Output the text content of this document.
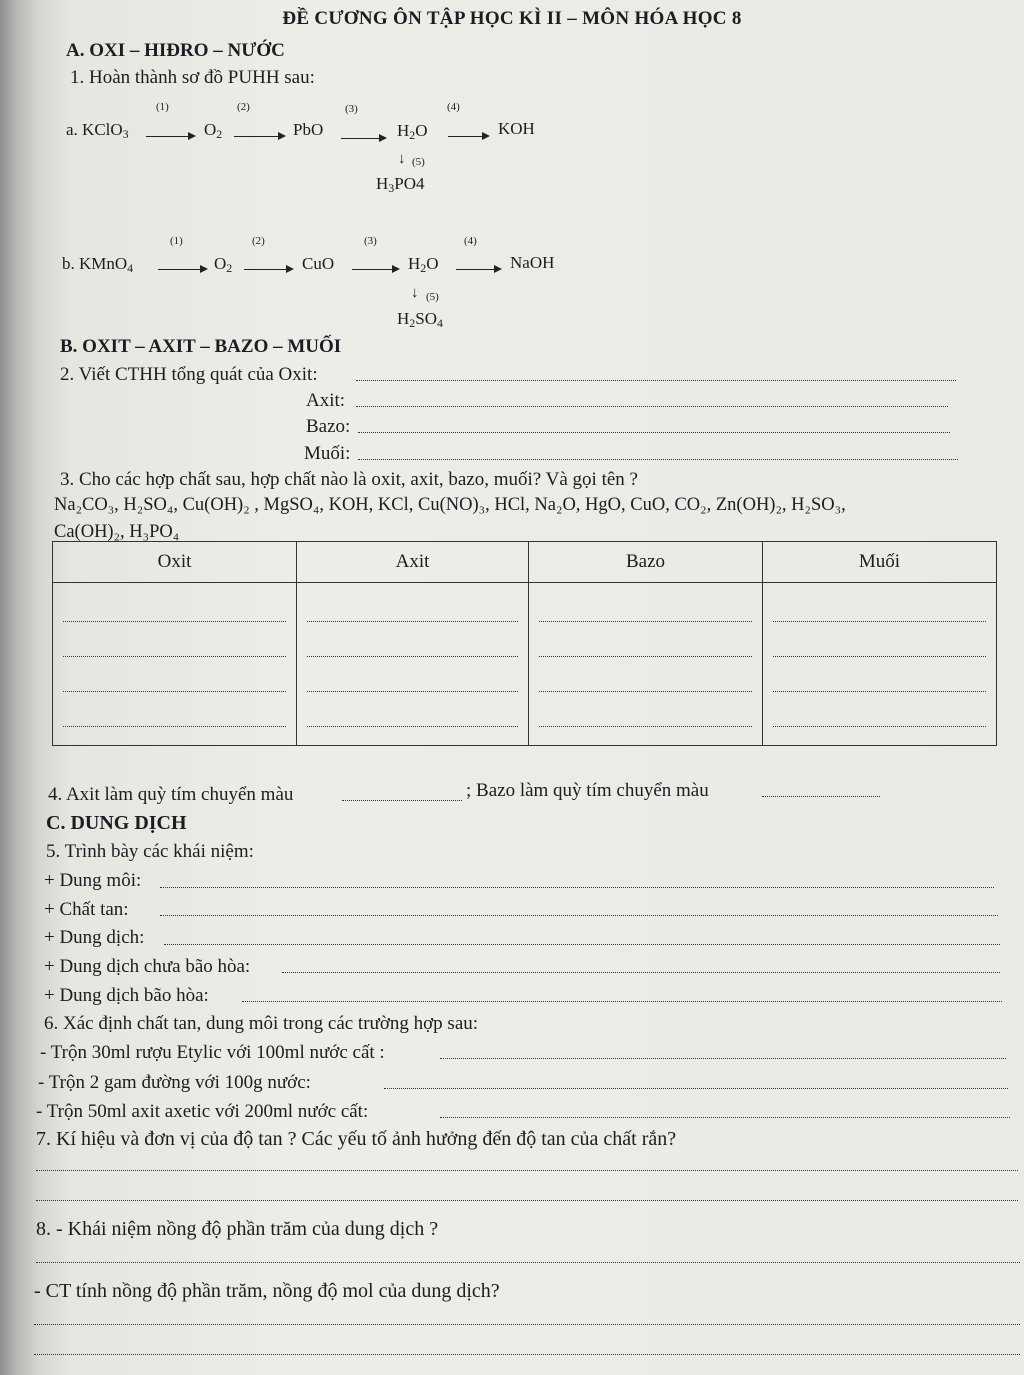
ĐỀ CƯƠNG ÔN TẬP HỌC KÌ II – MÔN HÓA HỌC 8
A. OXI – HIĐRO – NƯỚC
1. Hoàn thành sơ đồ PUHH sau:
a. KClO$_3$
(1)
$O_2$
(2)
PbO
(3)
$H_2O$
(4)
KOH
↓ (5)
$H_3PO4$
b. KMnO$_4$
(1)
$O_2$
(2)
CuO
(3)
$H_2O$
(4)
NaOH
↓ (5)
$H_2SO_4$
B. OXIT – AXIT – BAZO – MUỐI
2. Viết CTHH tổng quát của Oxit:
Axit:
Bazo:
Muối:
3. Cho các hợp chất sau, hợp chất nào là oxit, axit, bazo, muối? Và gọi tên ?
Na₂CO₃, H₂SO₄, Cu(OH)₂ , MgSO₄, KOH, KCl, Cu(NO)₃, HCl, Na₂O, HgO, CuO, CO₂, Zn(OH)₂, H₂SO₃,
Ca(OH)₂, H₃PO₄
Oxit	Axit	Bazo	Muối

4. Axit làm quỳ tím chuyển màu	; Bazo làm quỳ tím chuyển màu
C. DUNG DỊCH
5. Trình bày các khái niệm:
+ Dung môi:
+ Chất tan:
+ Dung dịch:
+ Dung dịch chưa bão hòa:
+ Dung dịch bão hòa:
6. Xác định chất tan, dung môi trong các trường hợp sau:
- Trộn 30ml rượu Etylic với 100ml nước cất :
- Trộn 2 gam đường với 100g nước:
- Trộn 50ml axit axetic với 200ml nước cất:
7. Kí hiệu và đơn vị của độ tan ? Các yếu tố ảnh hưởng đến độ tan của chất rắn?
8. - Khái niệm nồng độ phần trăm của dung dịch ?
- CT tính nồng độ phần trăm, nồng độ mol của dung dịch?
